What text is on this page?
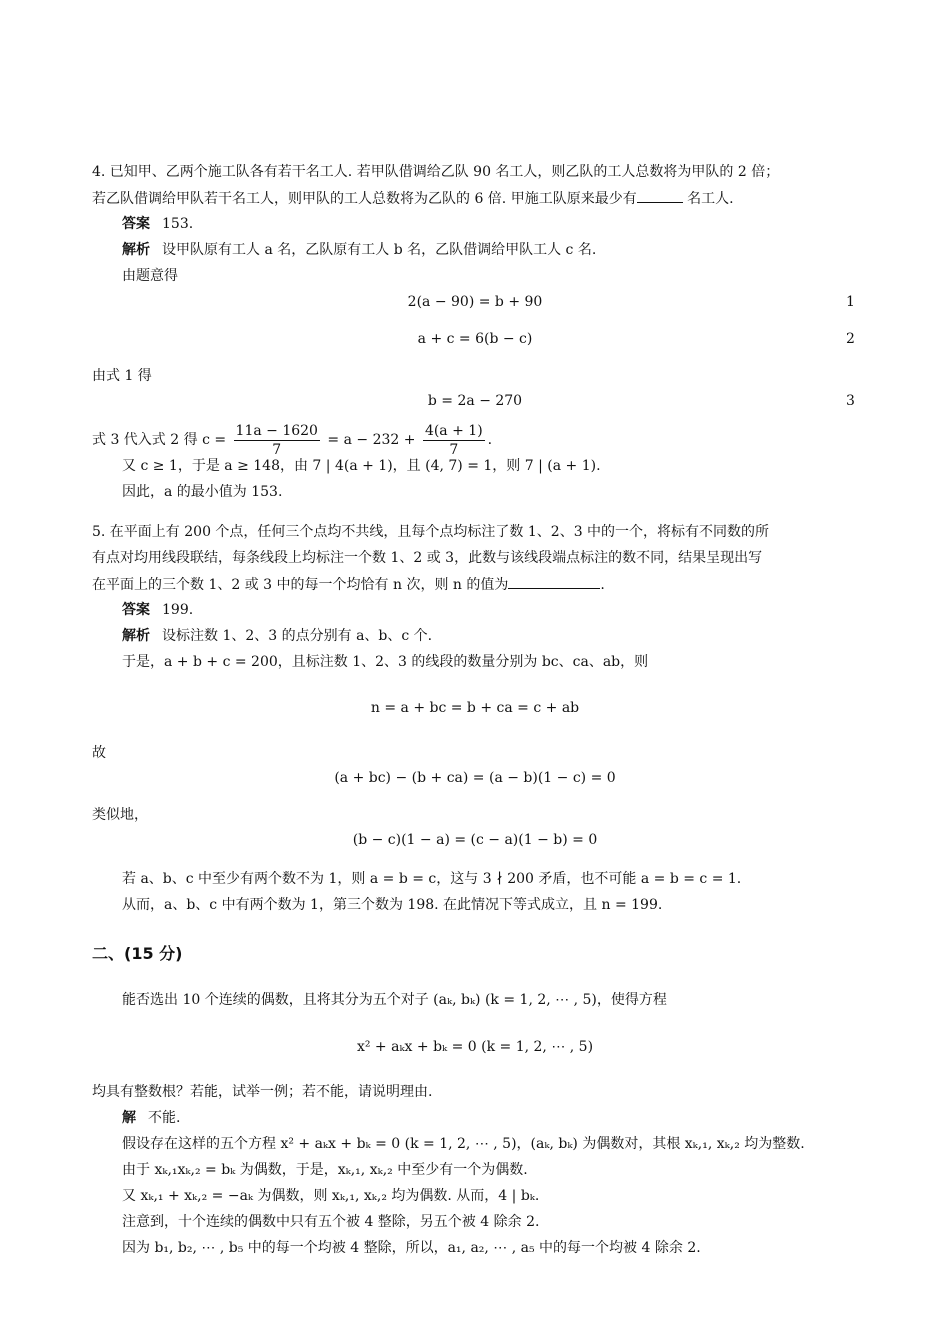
4. 已知甲、乙两个施工队各有若干名工人. 若甲队借调给乙队 90 名工人，则乙队的工人总数将为甲队的 2 倍；
若乙队借调给甲队若干名工人，则甲队的工人总数将为乙队的 6 倍. 甲施工队原来最少有	名工人.
答案 153.
解析 设甲队原有工人 a 名，乙队原有工人 b 名，乙队借调给甲队工人 c 名.
由题意得
2(a − 90) = b + 90	1
a + c = 6(b − c)	2
由式 1 得
b = 2a − 270	3
式 3 代入式 2 得 $c = \frac{11a - 1620}{7} = a - 232 + \frac{4(a + 1)}{7}$ .
又 c ≥ 1，于是 a ≥ 148，由 7 | 4(a + 1)，且 (4, 7) = 1，则 7 | (a + 1).
因此，a 的最小值为 153.
5. 在平面上有 200 个点，任何三个点均不共线，且每个点均标注了数 1、2、3 中的一个，将标有不同数的所
有点对均用线段联结，每条线段上均标注一个数 1、2 或 3，此数与该线段端点标注的数不同，结果呈现出写
在平面上的三个数 1、2 或 3 中的每一个均恰有 n 次，则 n 的值为	.
答案 199.
解析 设标注数 1、2、3 的点分别有 a、b、c 个.
于是，a + b + c = 200，且标注数 1、2、3 的线段的数量分别为 bc、ca、ab，则
n = a + bc = b + ca = c + ab
故
(a + bc) − (b + ca) = (a − b)(1 − c) = 0
类似地，
(b − c)(1 − a) = (c − a)(1 − b) = 0
若 a、b、c 中至少有两个数不为 1，则 a = b = c，这与 3 ∤ 200 矛盾，也不可能 a = b = c = 1.
从而，a、b、c 中有两个数为 1，第三个数为 198. 在此情况下等式成立，且 n = 199.
二、(15 分)
能否选出 10 个连续的偶数，且将其分为五个对子 (aₖ, bₖ) (k = 1, 2, ⋯ , 5)，使得方程
x² + aₖx + bₖ = 0 (k = 1, 2, ⋯ , 5)
均具有整数根？若能，试举一例；若不能，请说明理由.
解 不能.
假设存在这样的五个方程 x² + aₖx + bₖ = 0 (k = 1, 2, ⋯ , 5)，(aₖ, bₖ) 为偶数对，其根 xₖ,₁, xₖ,₂ 均为整数.
由于 xₖ,₁xₖ,₂ = bₖ 为偶数，于是，xₖ,₁, xₖ,₂ 中至少有一个为偶数.
又 xₖ,₁ + xₖ,₂ = −aₖ 为偶数，则 xₖ,₁, xₖ,₂ 均为偶数. 从而，4 | bₖ.
注意到，十个连续的偶数中只有五个被 4 整除，另五个被 4 除余 2.
因为 b₁, b₂, ⋯ , b₅ 中的每一个均被 4 整除，所以，a₁, a₂, ⋯ , a₅ 中的每一个均被 4 除余 2.
